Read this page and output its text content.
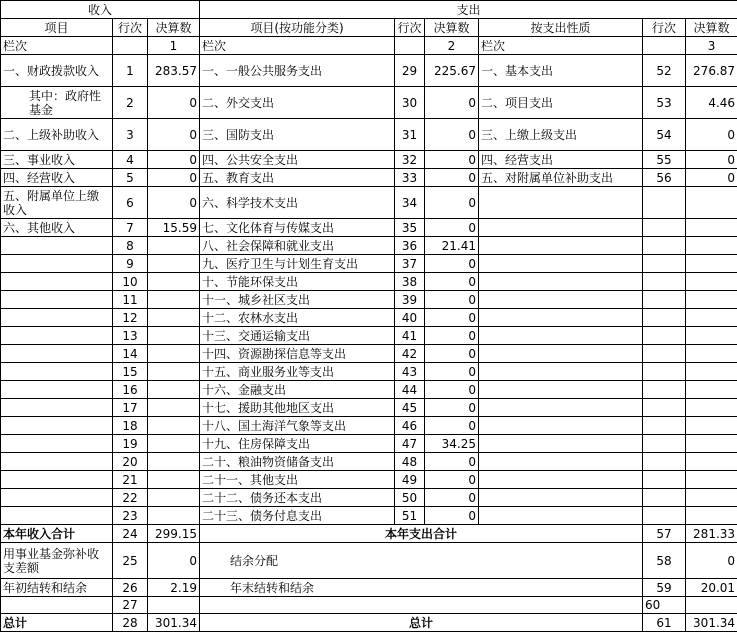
收入			支出					
项目	行次	决算数	项目(按功能分类)	行次	决算数	按支出性质	行次	决算数
栏次		1	栏次		2	栏次		3
一、财政拨款收入	1	283.57	一、一般公共服务支出	29	225.67	一、基本支出	52	276.87
其中：政府性基金	2	0	二、外交支出	30	0	二、项目支出	53	4.46
二、上级补助收入	3	0	三、国防支出	31	0	三、上缴上级支出	54	0
三、事业收入	4	0	四、公共安全支出	32	0	四、经营支出	55	0
四、经营收入	5	0	五、教育支出	33	0	五、对附属单位补助支出	56	0
五、附属单位上缴收入	6	0	六、科学技术支出	34	0			
六、其他收入	7	15.59	七、文化体育与传媒支出	35	0			
	8		八、社会保障和就业支出	36	21.41			
	9		九、医疗卫生与计划生育支出	37	0			
	10		十、节能环保支出	38	0			
	11		十一、城乡社区支出	39	0			
	12		十二、农林水支出	40	0			
	13		十三、交通运输支出	41	0			
	14		十四、资源勘探信息等支出	42	0			
	15		十五、商业服务业等支出	43	0			
	16		十六、金融支出	44	0			
	17		十七、援助其他地区支出	45	0			
	18		十八、国土海洋气象等支出	46	0			
	19		十九、住房保障支出	47	34.25			
	20		二十、粮油物资储备支出	48	0			
	21		二十一、其他支出	49	0			
	22		二十二、债务还本支出	50	0			
	23		二十三、债务付息支出	51	0			
本年收入合计	24	299.15	本年支出合计				57	281.33
用事业基金弥补收支差额	25	0	结余分配				58	0
年初结转和结余	26	2.19	年末结转和结余				59	20.01
	27						60	
总计	28	301.34	总计				61	301.34
